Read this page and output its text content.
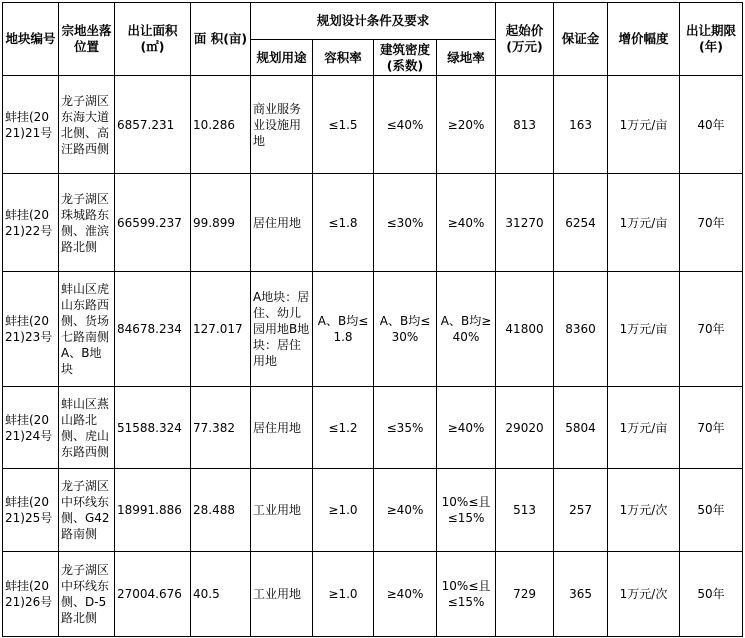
地块编号	宗地坐落位置	出让面积(㎡)	面 积(亩)	规划设计条件及要求				起始价(万元)	保证金	增价幅度	出让期限(年)
				规划用途	容积率	建筑密度(系数)	绿地率				
蚌挂(2021)21号	龙子湖区东海大道北侧、高汪路西侧	6857.231	10.286	商业服务业设施用地	≤1.5	≤40%	≥20%	813	163	1万元/亩	40年
蚌挂(2021)22号	龙子湖区珠城路东侧、淮滨路北侧	66599.237	99.899	居住用地	≤1.8	≤30%	≥40%	31270	6254	1万元/亩	70年
蚌挂(2021)23号	蚌山区虎山东路西侧、货场七路南侧A、B地块	84678.234	127.017	A地块：居住、幼儿园用地B地块：居住用地	A、B均≤1.8	A、B均≤30%	A、B均≥40%	41800	8360	1万元/亩	70年
蚌挂(2021)24号	蚌山区燕山路北侧、虎山东路西侧	51588.324	77.382	居住用地	≤1.2	≤35%	≥40%	29020	5804	1万元/亩	70年
蚌挂(2021)25号	龙子湖区中环线东侧、G42路南侧	18991.886	28.488	工业用地	≥1.0	≥40%	10%≤且≤15%	513	257	1万元/次	50年
蚌挂(2021)26号	龙子湖区中环线东侧、D-5路北侧	27004.676	40.5	工业用地	≥1.0	≥40%	10%≤且≤15%	729	365	1万元/次	50年
